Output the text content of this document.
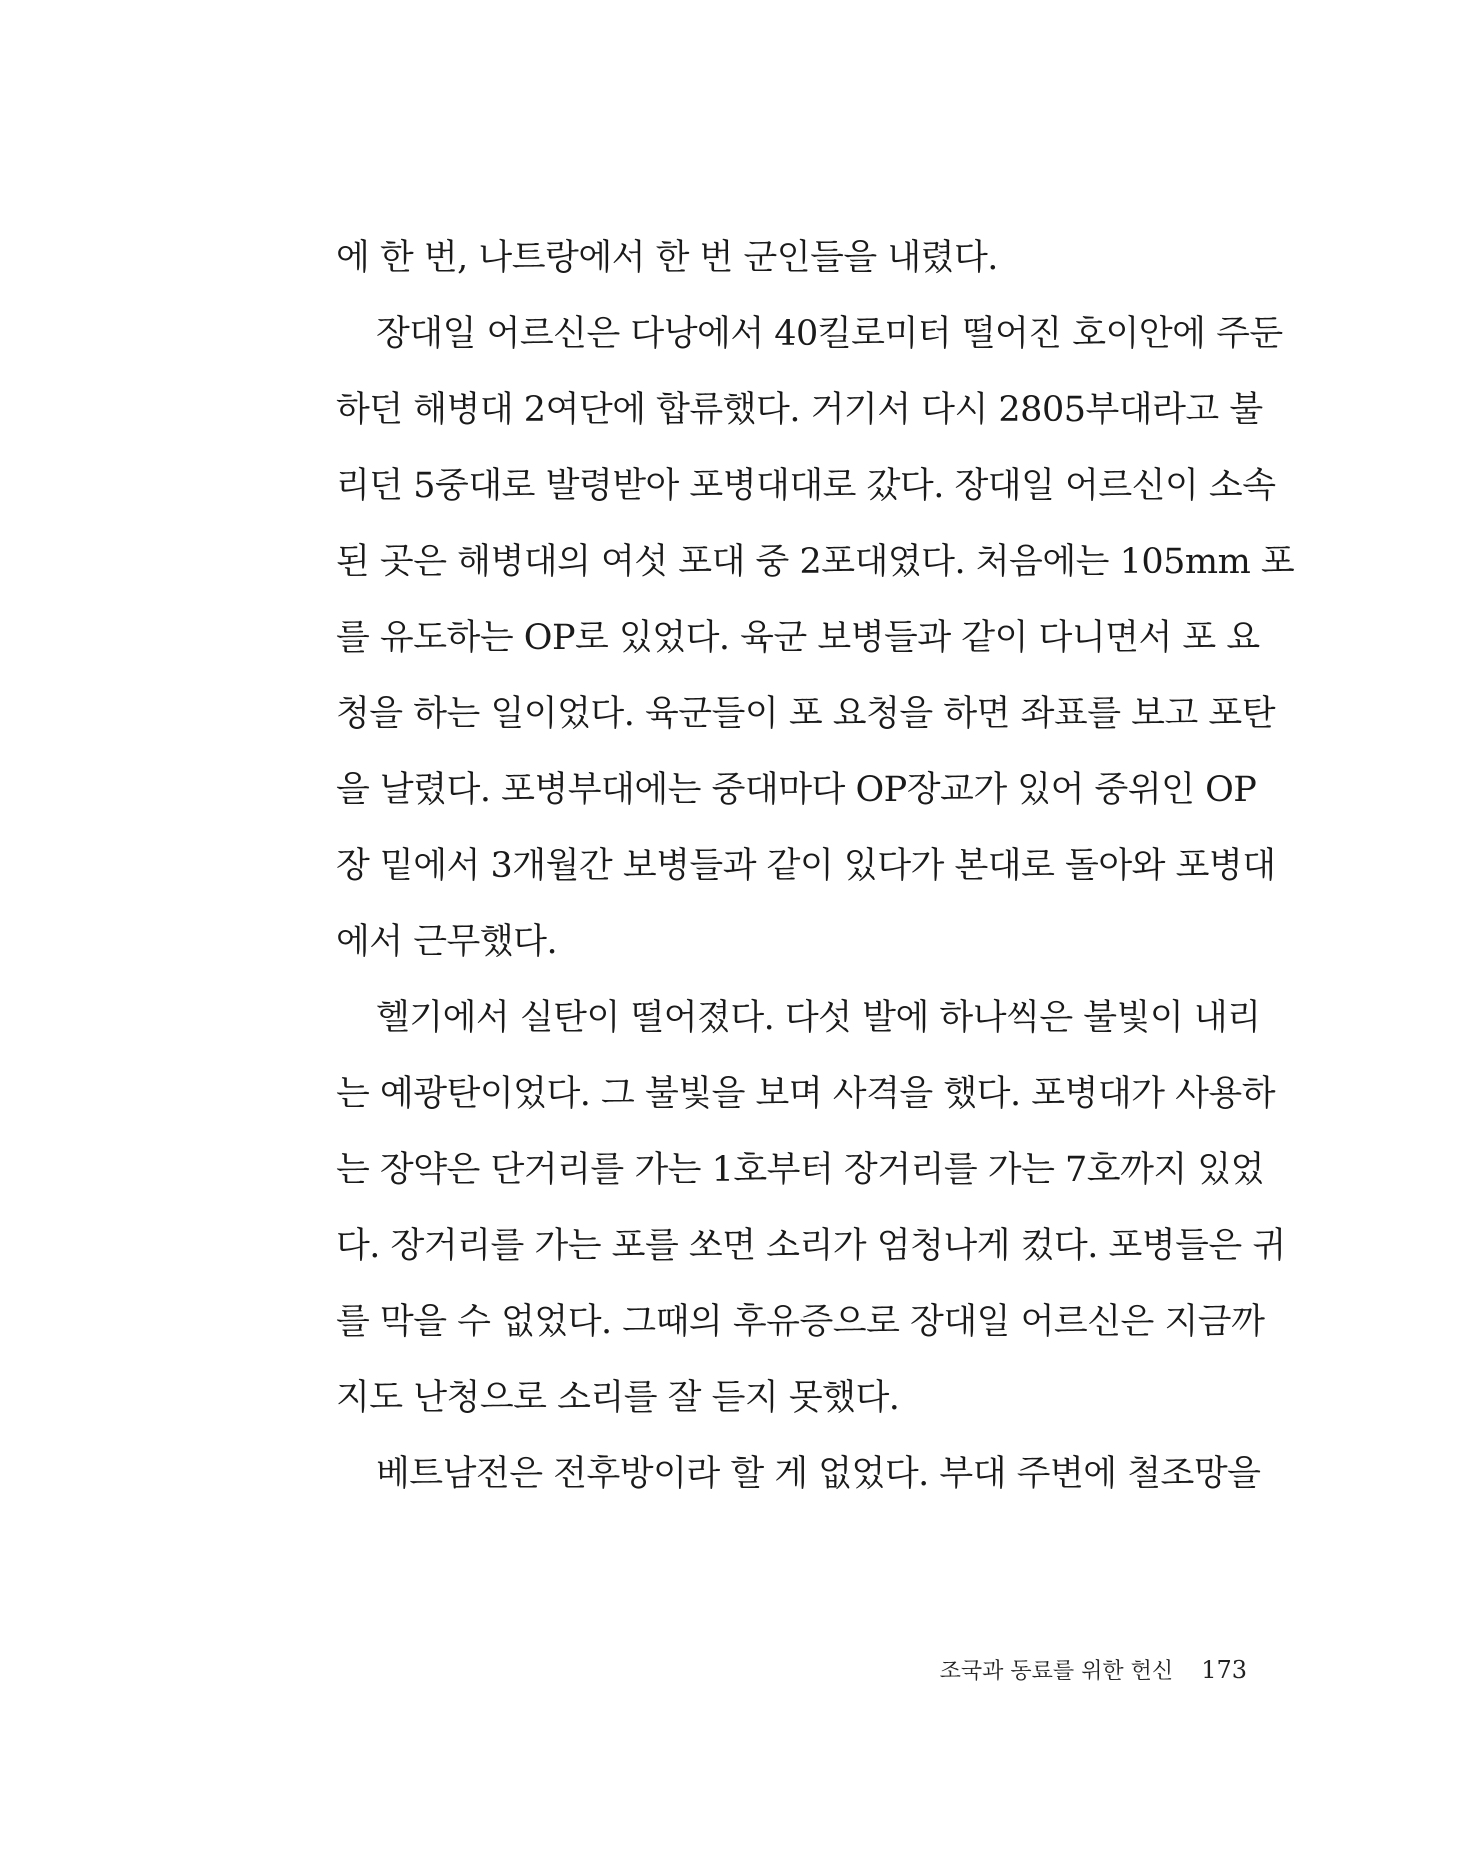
에 한 번, 나트랑에서 한 번 군인들을 내렸다.
장대일 어르신은 다낭에서 40킬로미터 떨어진 호이안에 주둔
하던 해병대 2여단에 합류했다. 거기서 다시 2805부대라고 불
리던 5중대로 발령받아 포병대대로 갔다. 장대일 어르신이 소속
된 곳은 해병대의 여섯 포대 중 2포대였다. 처음에는 105mm 포
를 유도하는 OP로 있었다. 육군 보병들과 같이 다니면서 포 요
청을 하는 일이었다. 육군들이 포 요청을 하면 좌표를 보고 포탄
을 날렸다. 포병부대에는 중대마다 OP장교가 있어 중위인 OP
장 밑에서 3개월간 보병들과 같이 있다가 본대로 돌아와 포병대
에서 근무했다.
헬기에서 실탄이 떨어졌다. 다섯 발에 하나씩은 불빛이 내리
는 예광탄이었다. 그 불빛을 보며 사격을 했다. 포병대가 사용하
는 장약은 단거리를 가는 1호부터 장거리를 가는 7호까지 있었
다. 장거리를 가는 포를 쏘면 소리가 엄청나게 컸다. 포병들은 귀
를 막을 수 없었다. 그때의 후유증으로 장대일 어르신은 지금까
지도 난청으로 소리를 잘 듣지 못했다.
베트남전은 전후방이라 할 게 없었다. 부대 주변에 철조망을
조국과 동료를 위한 헌신 173
